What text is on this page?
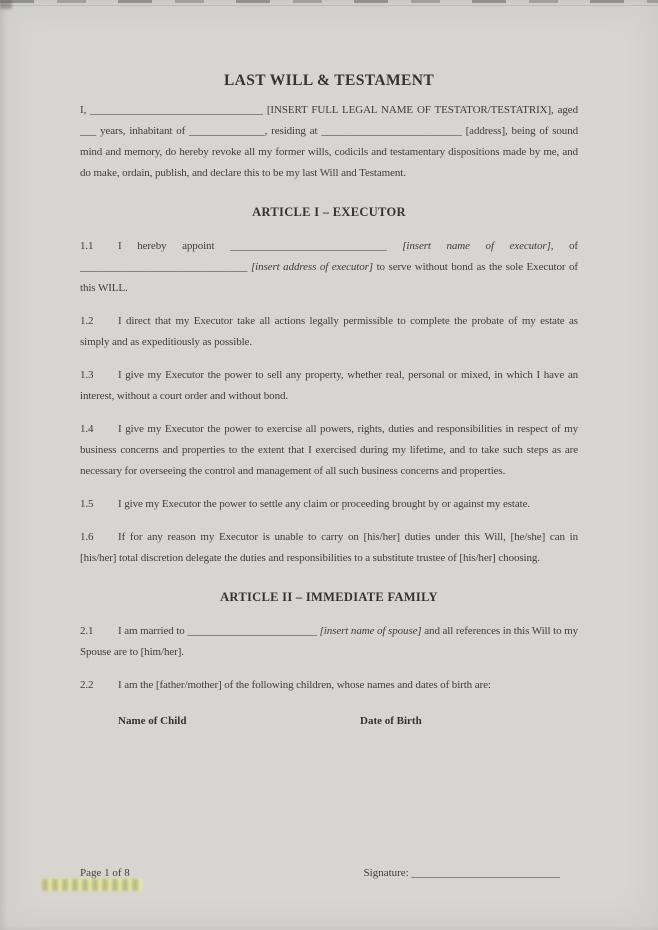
LAST WILL & TESTAMENT

I, ________________________________ [INSERT FULL LEGAL NAME OF TESTATOR/TESTATRIX], aged ___ years, inhabitant of ______________, residing at __________________________ [address], being of sound mind and memory, do hereby revoke all my former wills, codicils and testamentary dispositions made by me, and do make, ordain, publish, and declare this to be my last Will and Testament.

ARTICLE I – EXECUTOR

1.1 I hereby appoint _____________________________ [insert name of executor], of _______________________________ [insert address of executor] to serve without bond as the sole Executor of this WILL.

1.2 I direct that my Executor take all actions legally permissible to complete the probate of my estate as simply and as expeditiously as possible.

1.3 I give my Executor the power to sell any property, whether real, personal or mixed, in which I have an interest, without a court order and without bond.

1.4 I give my Executor the power to exercise all powers, rights, duties and responsibilities in respect of my business concerns and properties to the extent that I exercised during my lifetime, and to take such steps as are necessary for overseeing the control and management of all such business concerns and properties.

1.5 I give my Executor the power to settle any claim or proceeding brought by or against my estate.

1.6 If for any reason my Executor is unable to carry on [his/her] duties under this Will, [he/she] can in [his/her] total discretion delegate the duties and responsibilities to a substitute trustee of [his/her] choosing.

ARTICLE II – IMMEDIATE FAMILY

2.1 I am married to ________________________ [insert name of spouse] and all references in this Will to my Spouse are to [him/her].

2.2 I am the [father/mother] of the following children, whose names and dates of birth are:

Name of Child	Date of Birth
Page 1 of 8	Signature: ___________________________
